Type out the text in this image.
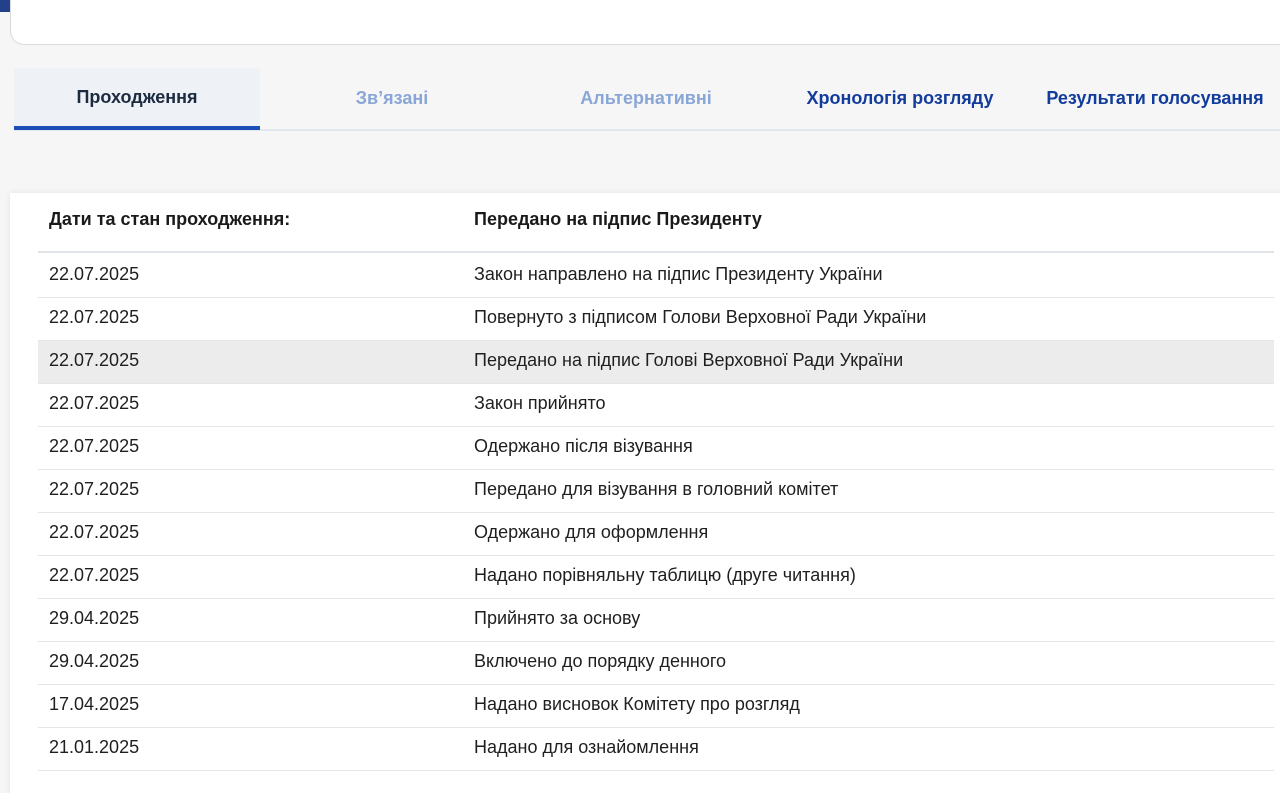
Проходження	Зв’язані	Альтернативні	Хронологія розгляду	Результати голосування
Дати та стан проходження:	Передано на підпис Президенту
22.07.2025	Закон направлено на підпис Президенту України
22.07.2025	Повернуто з підписом Голови Верховної Ради України
22.07.2025	Передано на підпис Голові Верховної Ради України
22.07.2025	Закон прийнято
22.07.2025	Одержано після візування
22.07.2025	Передано для візування в головний комітет
22.07.2025	Одержано для оформлення
22.07.2025	Надано порівняльну таблицю (друге читання)
29.04.2025	Прийнято за основу
29.04.2025	Включено до порядку денного
17.04.2025	Надано висновок Комітету про розгляд
21.01.2025	Надано для ознайомлення
